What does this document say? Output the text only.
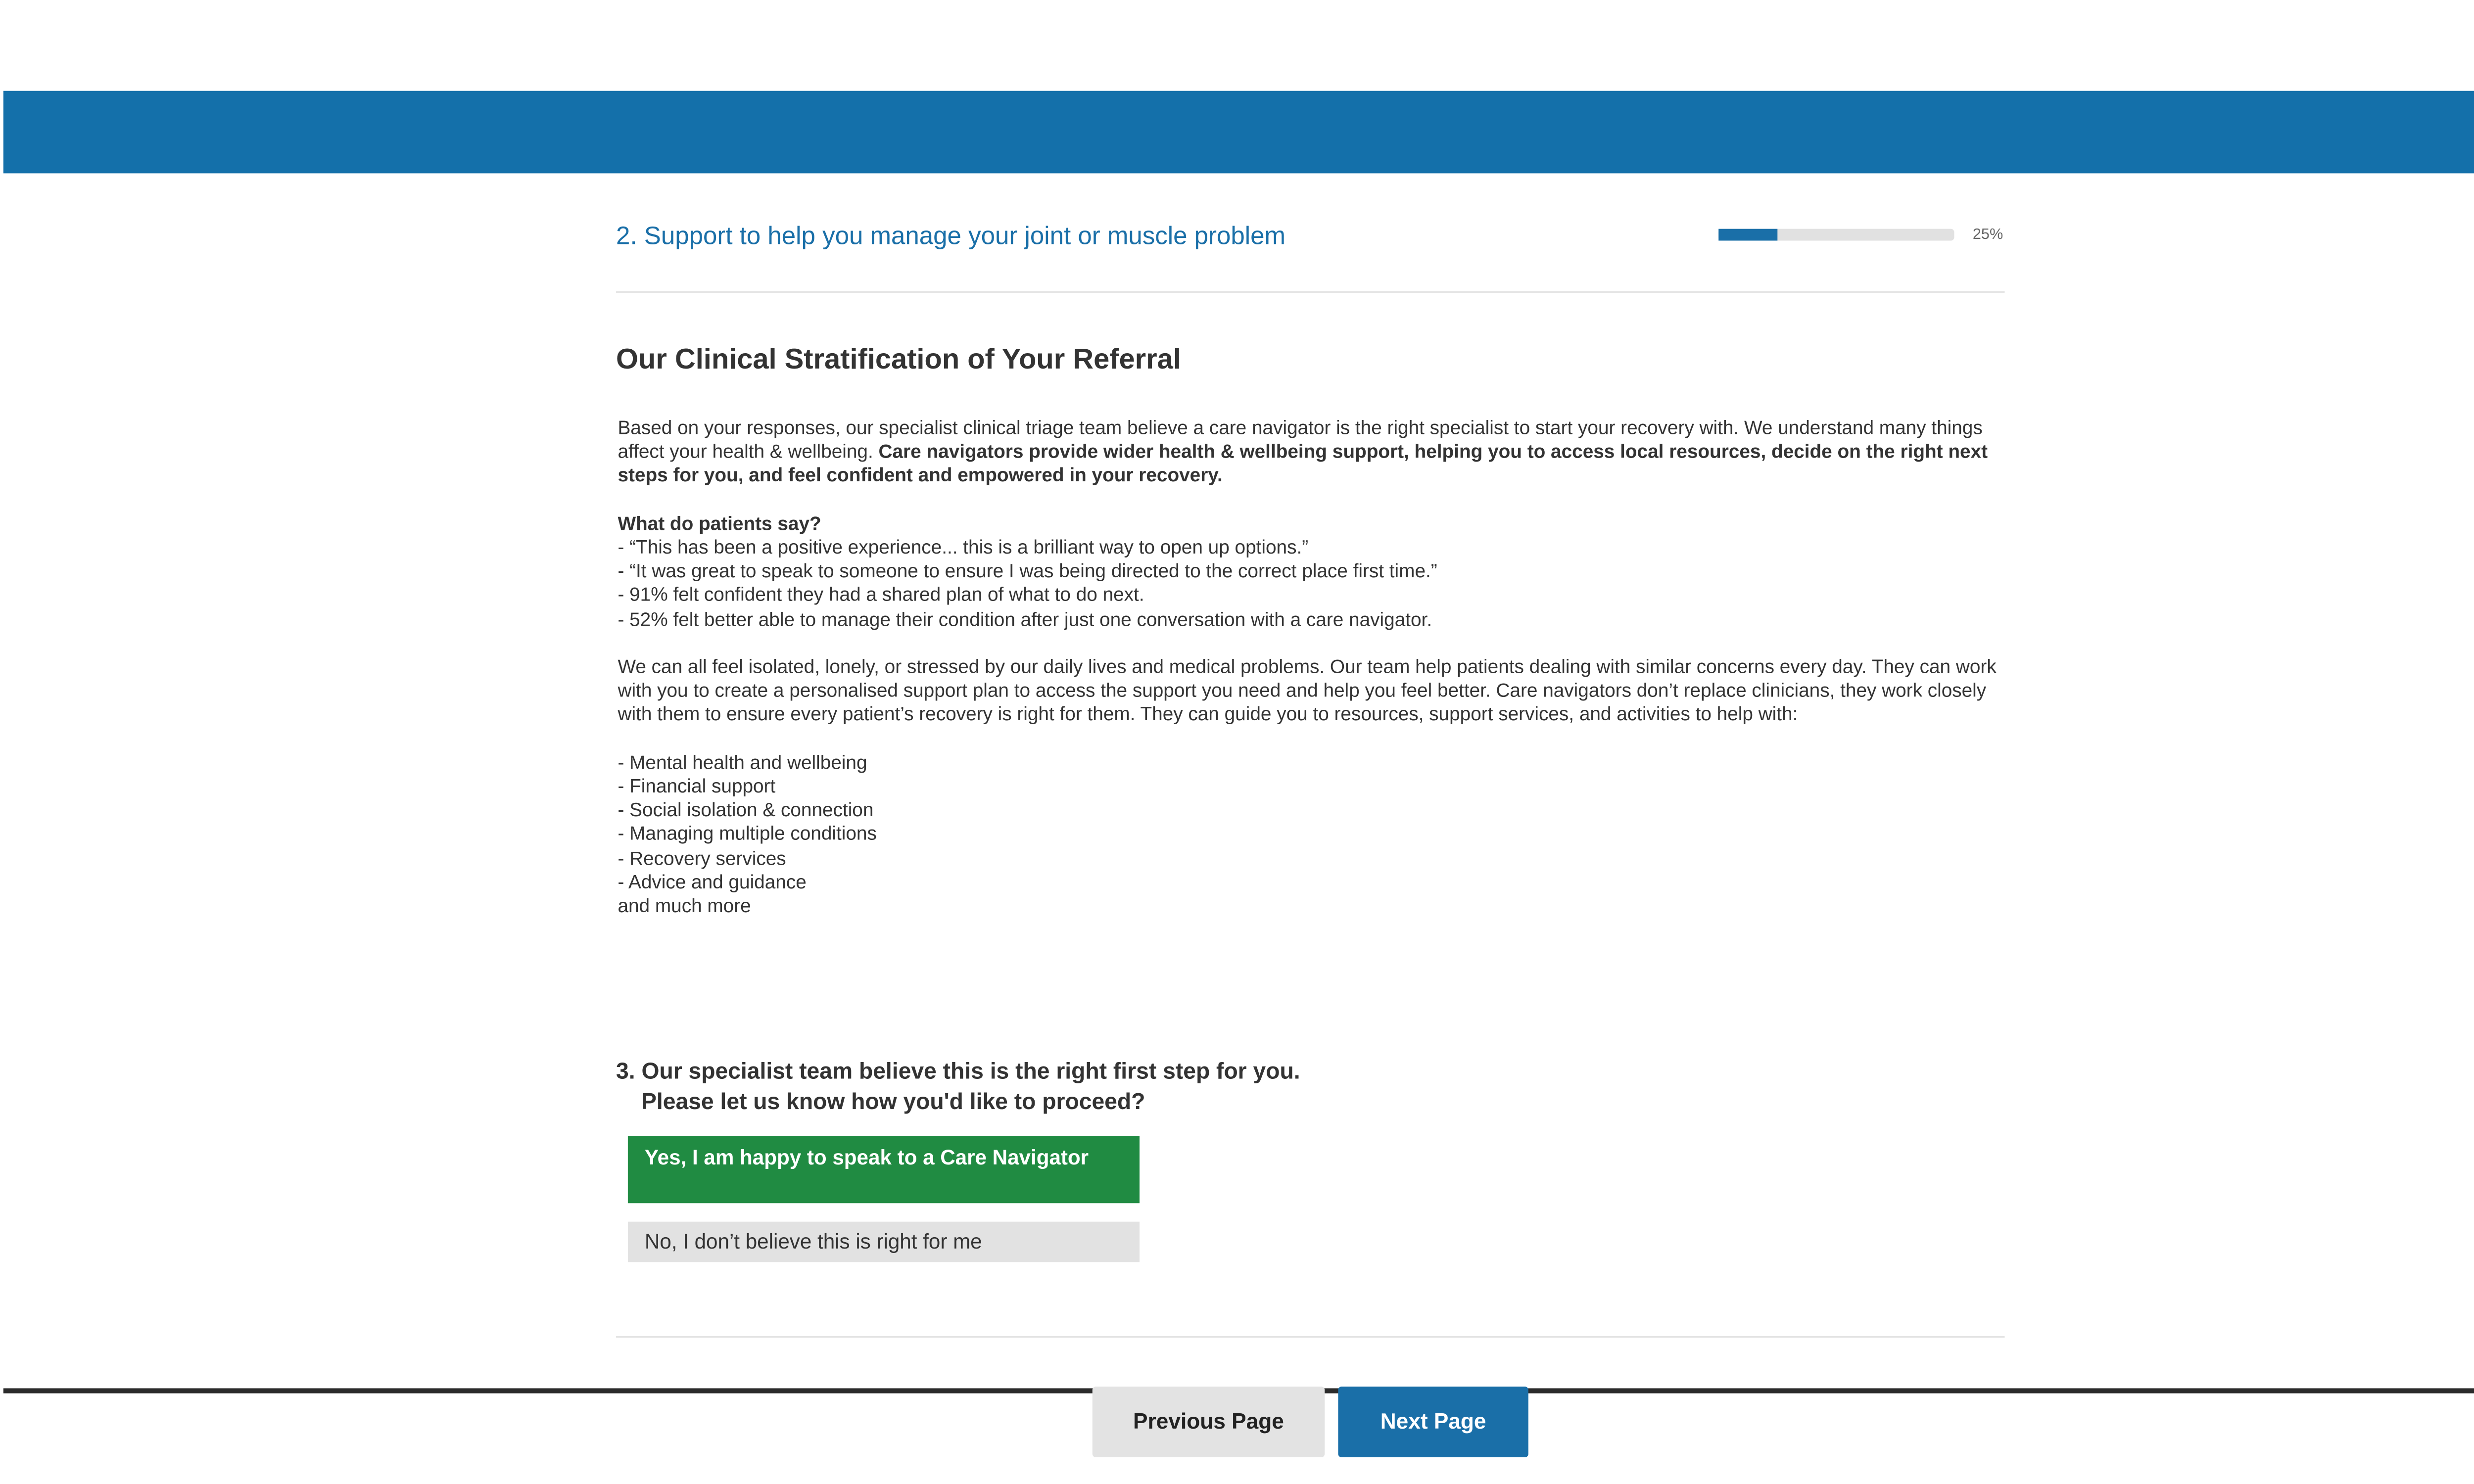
2. Support to help you manage your joint or muscle problem	25%
Our Clinical Stratification of Your Referral

Based on your responses, our specialist clinical triage team believe a care navigator is the right specialist to start your recovery with. We understand many things affect your health & wellbeing. Care navigators provide wider health & wellbeing support, helping you to access local resources, decide on the right next steps for you, and feel confident and empowered in your recovery.

What do patients say?
- “This has been a positive experience... this is a brilliant way to open up options.”
- “It was great to speak to someone to ensure I was being directed to the correct place first time.”
- 91% felt confident they had a shared plan of what to do next.
- 52% felt better able to manage their condition after just one conversation with a care navigator.

We can all feel isolated, lonely, or stressed by our daily lives and medical problems. Our team help patients dealing with similar concerns every day. They can work with you to create a personalised support plan to access the support you need and help you feel better. Care navigators don’t replace clinicians, they work closely with them to ensure every patient’s recovery is right for them. They can guide you to resources, support services, and activities to help with:

- Mental health and wellbeing
- Financial support
- Social isolation & connection
- Managing multiple conditions
- Recovery services
- Advice and guidance
and much more

3. Our specialist team believe this is the right first step for you.
Please let us know how you'd like to proceed?
Yes, I am happy to speak to a Care Navigator
No, I don’t believe this is right for me
Previous Page	Next Page
